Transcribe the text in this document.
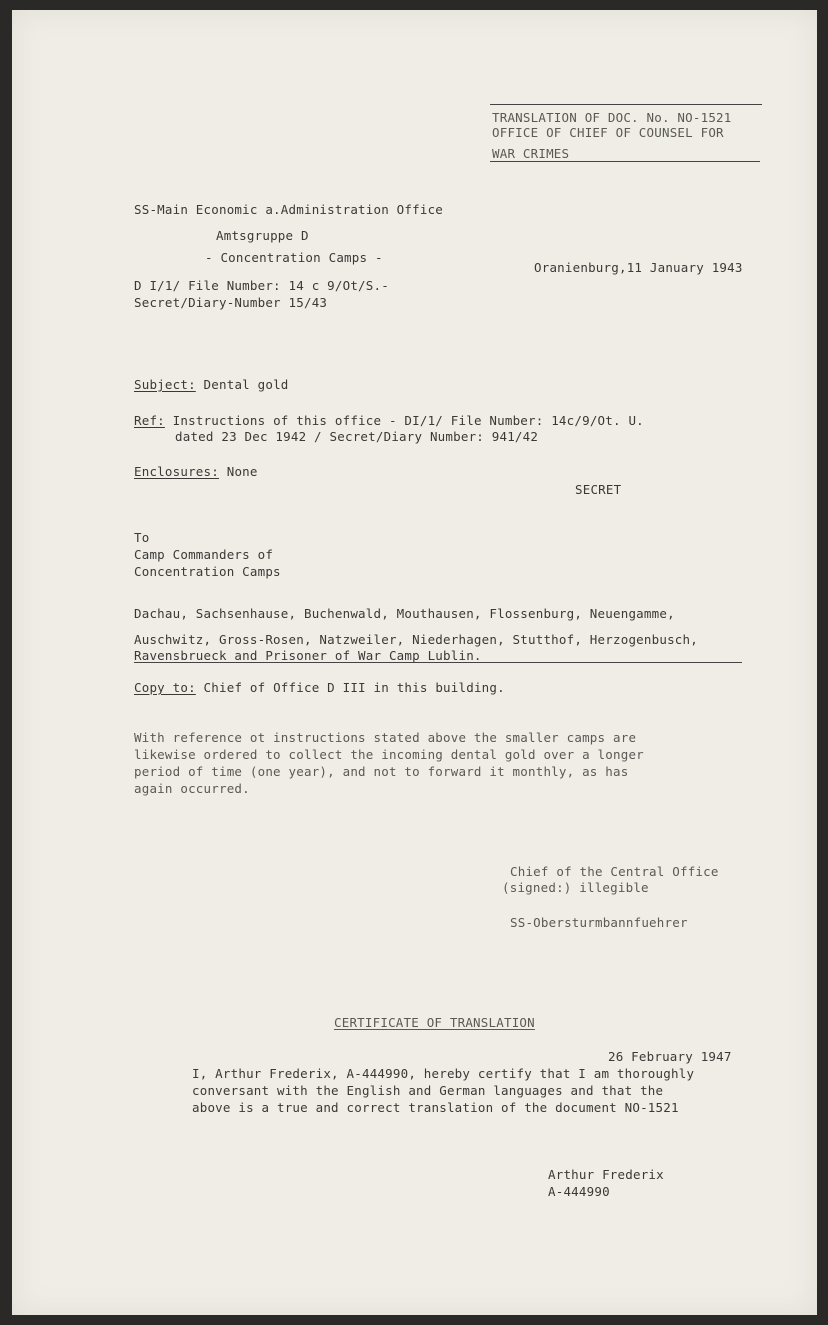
TRANSLATION OF DOC. No. NO-1521
OFFICE OF CHIEF OF COUNSEL FOR
WAR CRIMES
SS-Main Economic a.Administration Office
Amtsgruppe D
- Concentration Camps -
D I/1/ File Number: 14 c 9/Ot/S.-
Secret/Diary-Number 15/43
Oranienburg,11 January 1943
Subject: Dental gold
Ref: Instructions of this office - DI/1/ File Number: 14c/9/Ot. U.
dated 23 Dec 1942 / Secret/Diary Number: 941/42
Enclosures: None
SECRET
To
Camp Commanders of
Concentration Camps
Dachau, Sachsenhause, Buchenwald, Mouthausen, Flossenburg, Neuengamme,
Auschwitz, Gross-Rosen, Natzweiler, Niederhagen, Stutthof, Herzogenbusch,
Ravensbrueck and Prisoner of War Camp Lublin.
Copy to: Chief of Office D III in this building.
With reference ot instructions stated above the smaller camps are
likewise ordered to collect the incoming dental gold over a longer
period of time (one year), and not to forward it monthly, as has
again occurred.
Chief of the Central Office
(signed:) illegible
SS-Obersturmbannfuehrer
CERTIFICATE OF TRANSLATION
26 February 1947
I, Arthur Frederix, A-444990, hereby certify that I am thoroughly
conversant with the English and German languages and that the
above is a true and correct translation of the document NO-1521
Arthur Frederix
A-444990
